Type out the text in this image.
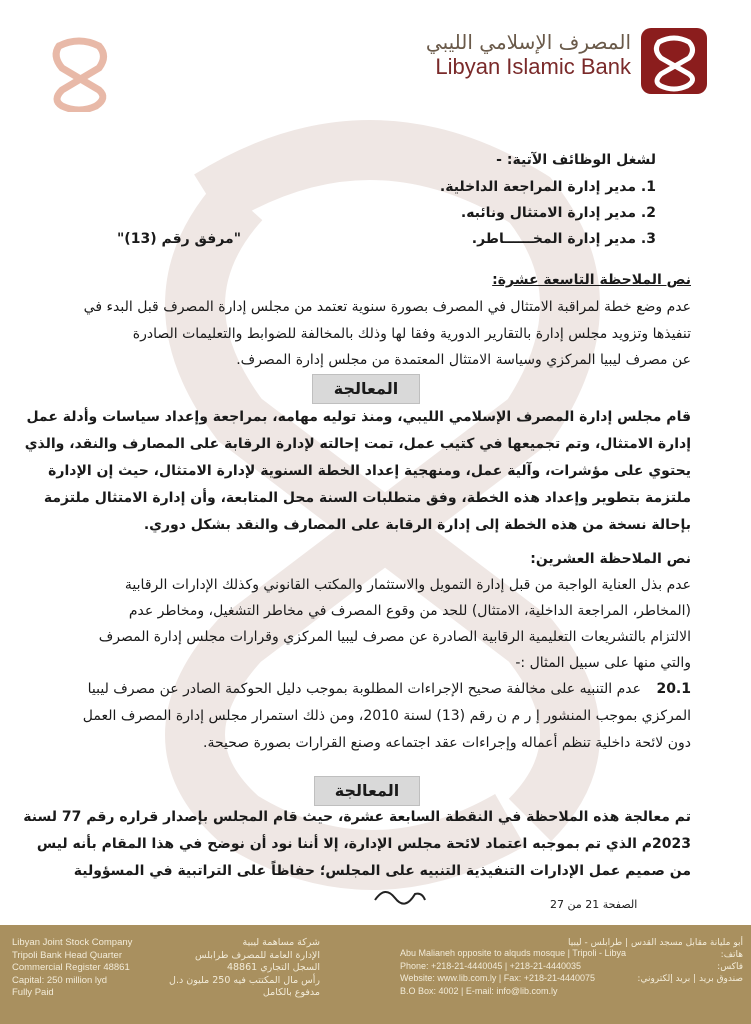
المصرف الإسلامي الليبي
Libyan Islamic Bank
لشغل الوظائف الآتية: -
1. مدير إدارة المراجعة الداخلية.
2. مدير إدارة الامتثال ونائبه.
3. مدير إدارة المخــــــاطر.
"مرفق رقم (13)"
نص الملاحظة التاسعة عشرة:
عدم وضع خطة لمراقبة الامتثال في المصرف بصورة سنوية تعتمد من مجلس إدارة المصرف قبل البدء في
تنفيذها وتزويد مجلس إدارة بالتقارير الدورية وفقا لها وذلك بالمخالفة للضوابط والتعليمات الصادرة
عن مصرف ليبيا المركزي وسياسة الامتثال المعتمدة من مجلس إدارة المصرف.
المعالجة
قام مجلس إدارة المصرف الإسلامي الليبي، ومنذ توليه مهامه، بمراجعة وإعداد سياسات وأدلة عمل
إدارة الامتثال، وتم تجميعها في كتيب عمل، تمت إحالته لإدارة الرقابة على المصارف والنقد، والذي
يحتوي على مؤشرات، وآلية عمل، ومنهجية إعداد الخطة السنوية لإدارة الامتثال، حيث إن الإدارة
ملتزمة بتطوير وإعداد هذه الخطة، وفق متطلبات السنة محل المتابعة، وأن إدارة الامتثال ملتزمة
بإحالة نسخة من هذه الخطة إلى إدارة الرقابة على المصارف والنقد بشكل دوري.
نص الملاحظة العشرين:
عدم بذل العناية الواجبة من قبل إدارة التمويل والاستثمار والمكتب القانوني وكذلك الإدارات الرقابية
(المخاطر، المراجعة الداخلية، الامتثال) للحد من وقوع المصرف في مخاطر التشغيل، ومخاطر عدم
الالتزام بالتشريعات التعليمية الرقابية الصادرة عن مصرف ليبيا المركزي وقرارات مجلس إدارة المصرف
والتي منها على سبيل المثال :-
20.1
عدم التنبيه على مخالفة صحيح الإجراءات المطلوبة بموجب دليل الحوكمة الصادر عن مصرف ليبيا
المركزي بموجب المنشور إ ر م ن رقم (13) لسنة 2010، ومن ذلك استمرار مجلس إدارة المصرف العمل
دون لائحة داخلية تنظم أعماله وإجراءات عقد اجتماعه وصنع القرارات بصورة صحيحة.
المعالجة
تم معالجة هذه الملاحظة في النقطة السابعة عشرة، حيث قام المجلس بإصدار قراره رقم 77 لسنة
2023م الذي تم بموجبه اعتماد لائحة مجلس الإدارة، إلا أننا نود أن نوضح في هذا المقام بأنه ليس
من صميم عمل الإدارات التنفيذية التنبيه على المجلس؛ حفاظاً على التراتبية في المسؤولية
الصفحة 21 من 27
Libyan Joint Stock Company
Tripoli Bank Head Quarter
Commercial Register 48861
Capital: 250 million lyd
Fully Paid
شركة مساهمة ليبية
الإدارة العامة للمصرف طرابلس
السجل التجاري 48861
رأس مال المكتتب فيه 250 مليون د.ل
مدفوع بالكامل
Abu Malianeh opposite to alquds mosque | Tripoli - Libya
Phone: +218-21-4440045 | +218-21-4440035
Website: www.lib.com.ly | Fax: +218-21-4440075
B.O Box: 4002 | E-mail: info@lib.com.ly
أبو مليانة مقابل مسجد القدس | طرابلس - ليبيا
هاتف:
فاكس:
صندوق بريد | بريد إلكتروني:
